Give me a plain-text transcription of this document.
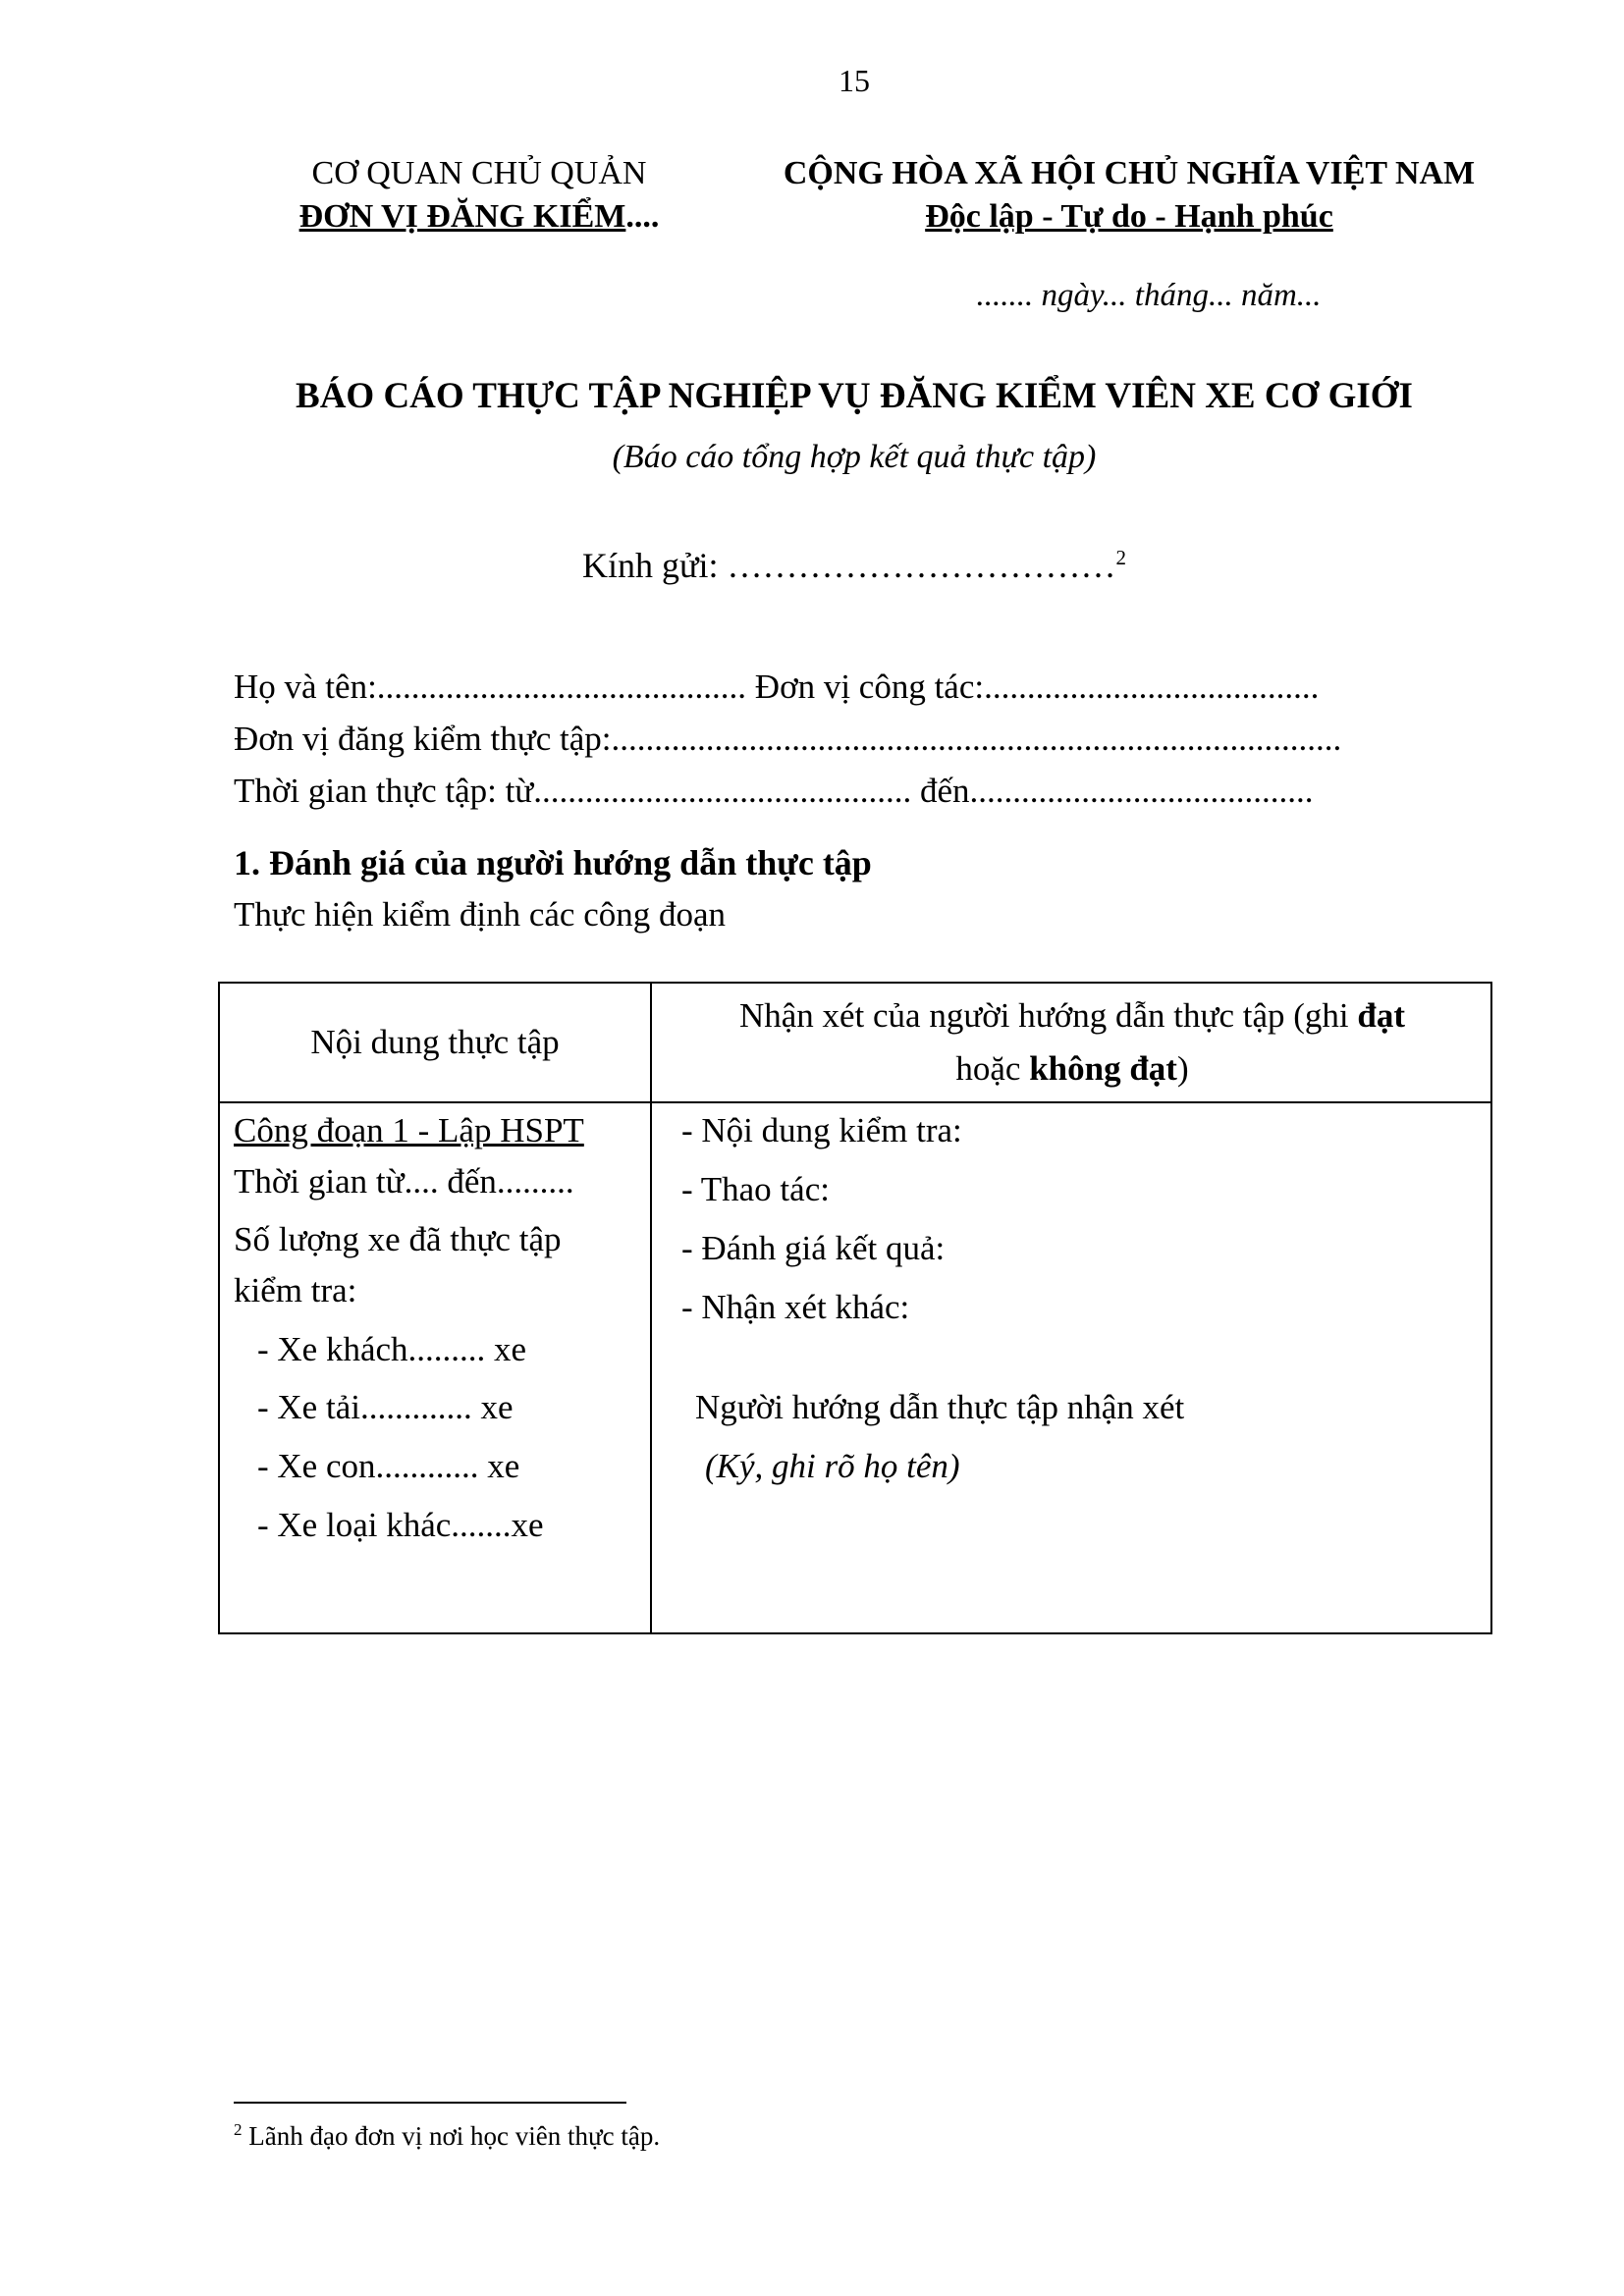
15
CƠ QUAN CHỦ QUẢN
ĐƠN VỊ ĐĂNG KIỂM....
CỘNG HÒA XÃ HỘI CHỦ NGHĨA VIỆT NAM
Độc lập - Tự do - Hạnh phúc
....... ngày... tháng... năm...
BÁO CÁO THỰC TẬP NGHIỆP VỤ ĐĂNG KIỂM VIÊN XE CƠ GIỚI
(Báo cáo tổng hợp kết quả thực tập)
Kính gửi: ……………………………$^2$
Họ và tên:........................................... Đơn vị công tác:.......................................
Đơn vị đăng kiểm thực tập:.....................................................................................
Thời gian thực tập: từ............................................ đến........................................
1. Đánh giá của người hướng dẫn thực tập
Thực hiện kiểm định các công đoạn
Nội dung thực tập
Nhận xét của người hướng dẫn thực tập (ghi đạt
hoặc không đạt)
Công đoạn 1 - Lập HSPT
Thời gian từ.... đến.........
Số lượng xe đã thực tập
kiểm tra:
- Xe khách......... xe
- Xe tải............. xe
- Xe con............ xe
- Xe loại khác.......xe
- Nội dung kiểm tra:
- Thao tác:
- Đánh giá kết quả:
- Nhận xét khác:
Người hướng dẫn thực tập nhận xét
(Ký, ghi rõ họ tên)
$^2$ Lãnh đạo đơn vị nơi học viên thực tập.
